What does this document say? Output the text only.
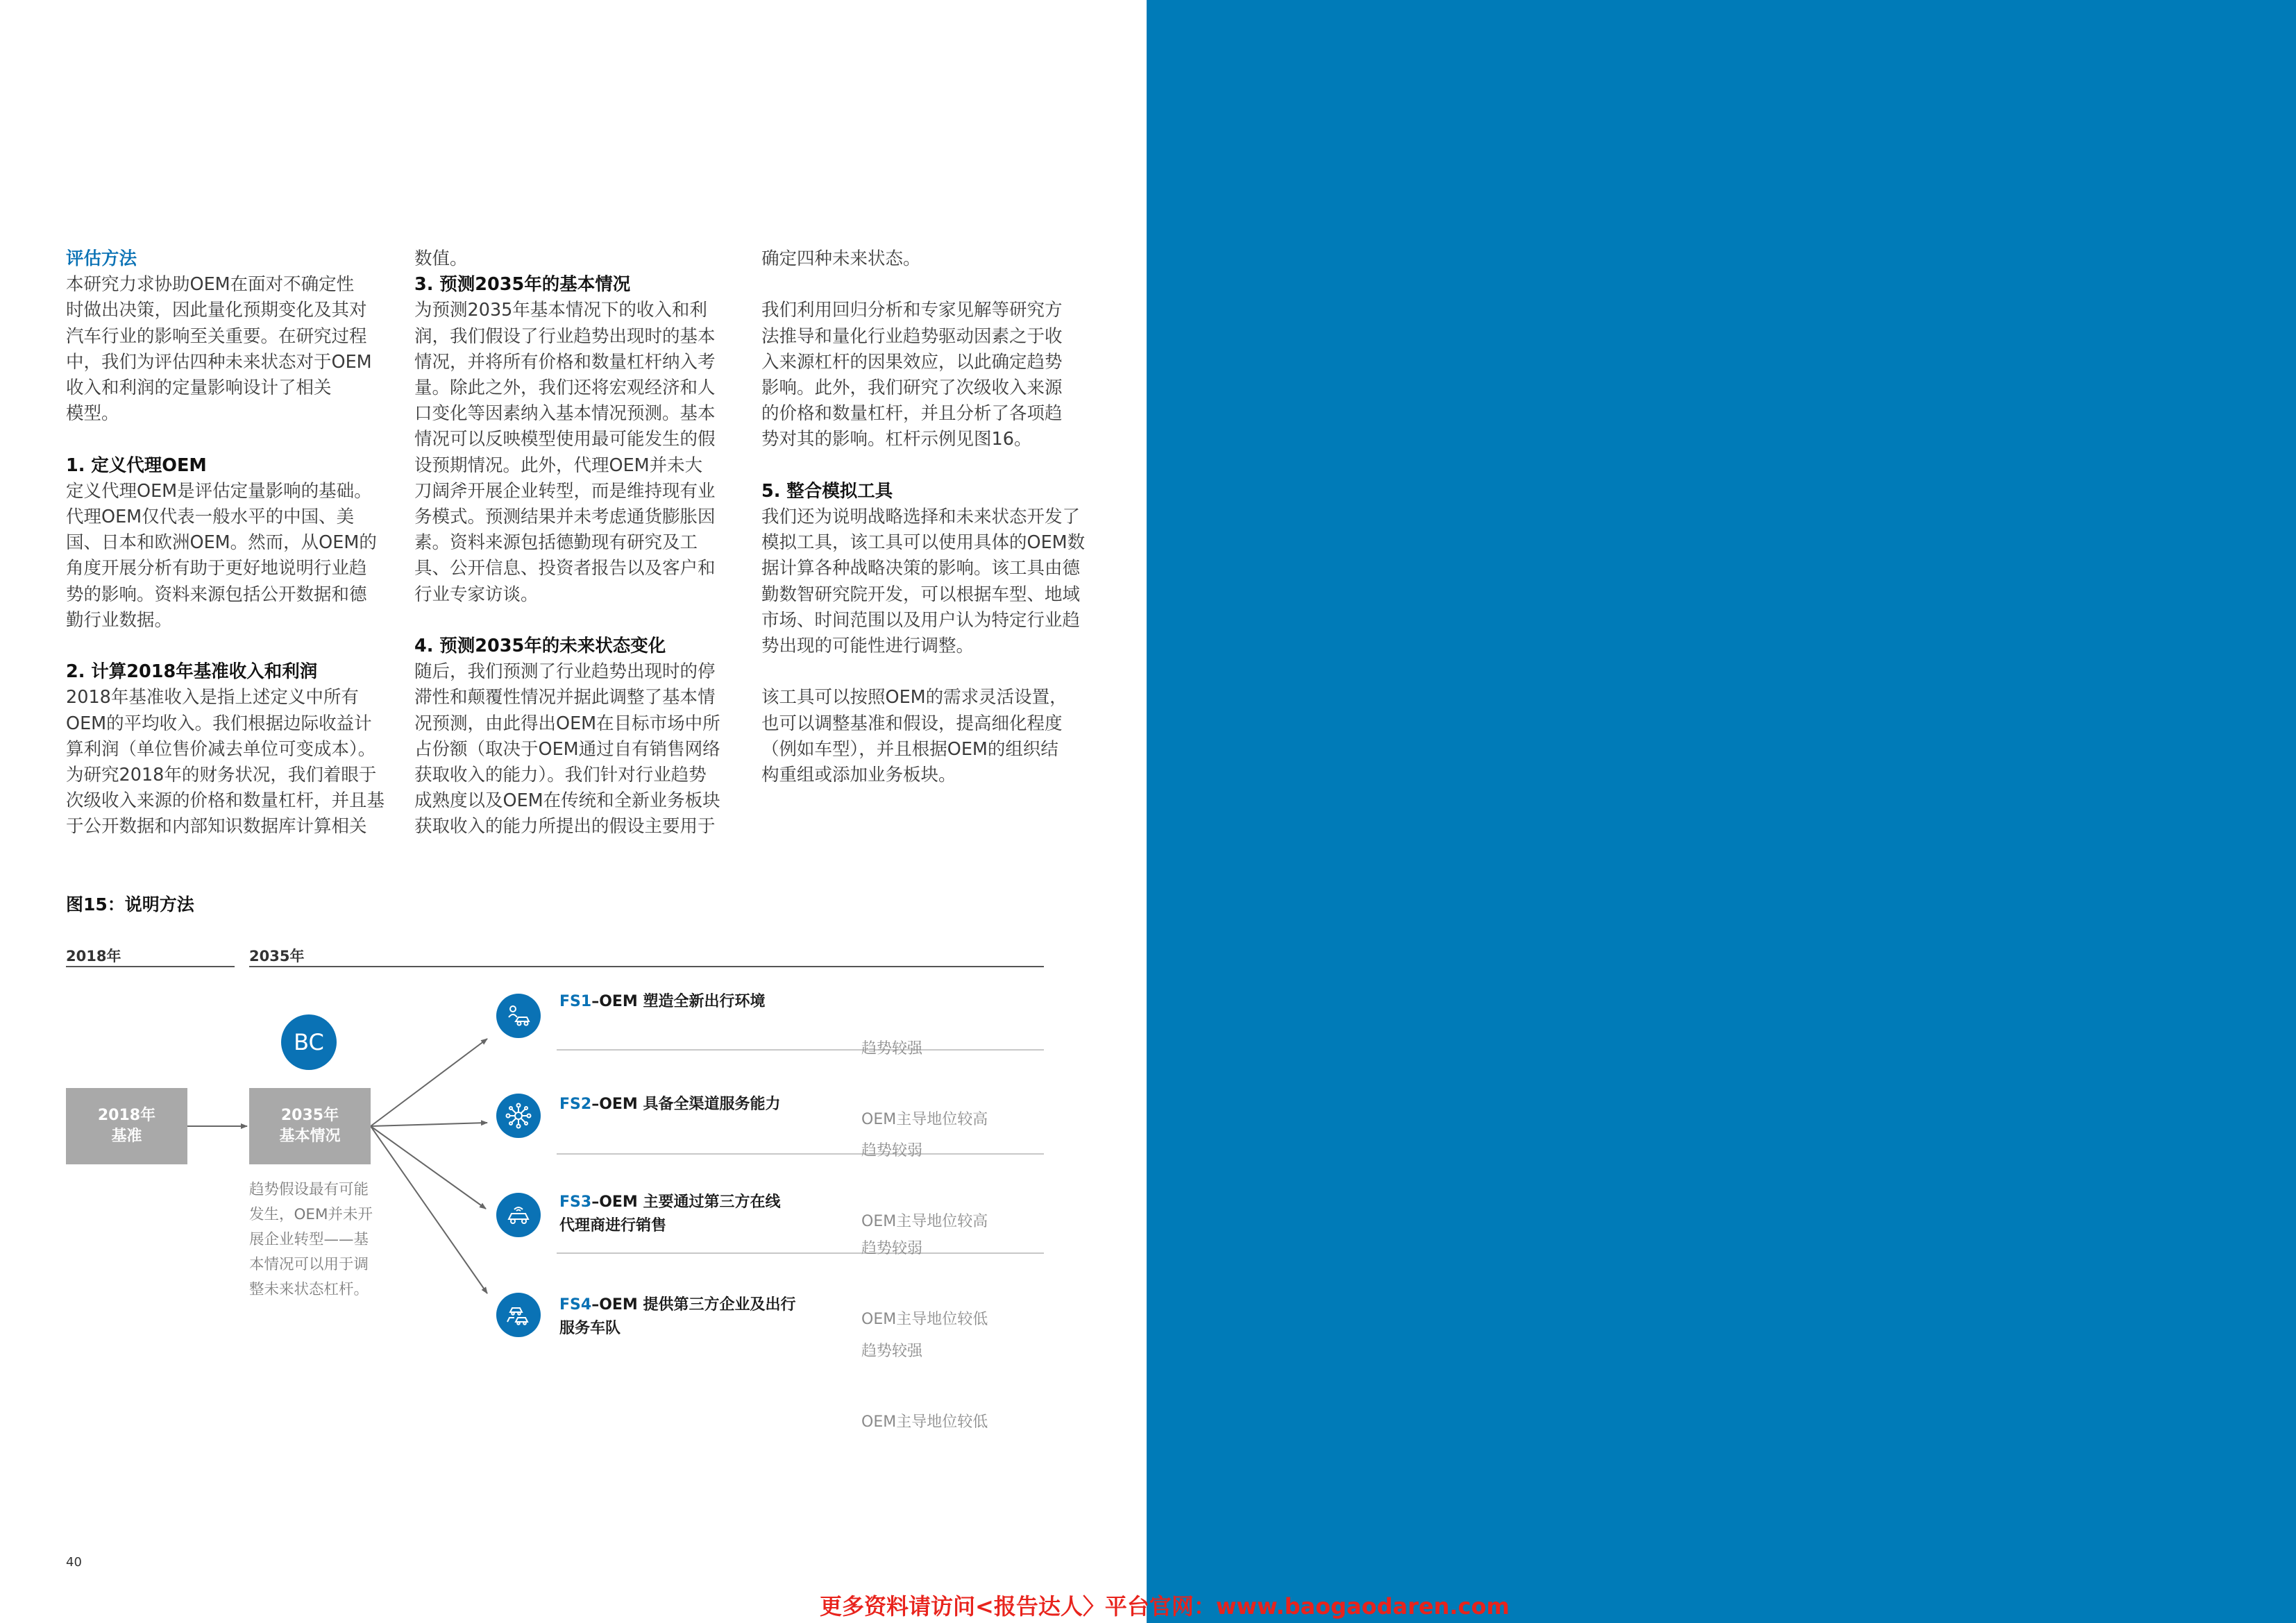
评估方法
本研究力求协助OEM在面对不确定性
时做出决策，因此量化预期变化及其对
汽车行业的影响至关重要。在研究过程
中，我们为评估四种未来状态对于OEM
收入和利润的定量影响设计了相关
模型。
1. 定义代理OEM
定义代理OEM是评估定量影响的基础。
代理OEM仅代表一般水平的中国、美
国、日本和欧洲OEM。然而，从OEM的
角度开展分析有助于更好地说明行业趋
势的影响。资料来源包括公开数据和德
勤行业数据。
2. 计算2018年基准收入和利润
2018年基准收入是指上述定义中所有
OEM的平均收入。我们根据边际收益计
算利润（单位售价减去单位可变成本）。
为研究2018年的财务状况，我们着眼于
次级收入来源的价格和数量杠杆，并且基
于公开数据和内部知识数据库计算相关
数值。
3. 预测2035年的基本情况
为预测2035年基本情况下的收入和利
润，我们假设了行业趋势出现时的基本
情况，并将所有价格和数量杠杆纳入考
量。除此之外，我们还将宏观经济和人
口变化等因素纳入基本情况预测。基本
情况可以反映模型使用最可能发生的假
设预期情况。此外，代理OEM并未大
刀阔斧开展企业转型，而是维持现有业
务模式。预测结果并未考虑通货膨胀因
素。资料来源包括德勤现有研究及工
具、公开信息、投资者报告以及客户和
行业专家访谈。
4. 预测2035年的未来状态变化
随后，我们预测了行业趋势出现时的停
滞性和颠覆性情况并据此调整了基本情
况预测，由此得出OEM在目标市场中所
占份额（取决于OEM通过自有销售网络
获取收入的能力）。我们针对行业趋势
成熟度以及OEM在传统和全新业务板块
获取收入的能力所提出的假设主要用于
确定四种未来状态。
我们利用回归分析和专家见解等研究方
法推导和量化行业趋势驱动因素之于收
入来源杠杆的因果效应，以此确定趋势
影响。此外，我们研究了次级收入来源
的价格和数量杠杆，并且分析了各项趋
势对其的影响。杠杆示例见图16。
5. 整合模拟工具
我们还为说明战略选择和未来状态开发了
模拟工具，该工具可以使用具体的OEM数
据计算各种战略决策的影响。该工具由德
勤数智研究院开发，可以根据车型、地域
市场、时间范围以及用户认为特定行业趋
势出现的可能性进行调整。
该工具可以按照OEM的需求灵活设置，
也可以调整基准和假设，提高细化程度
（例如车型），并且根据OEM的组织结
构重组或添加业务板块。
图15：说明方法
2018年	2035年
BC
2018年
基准
2035年
基本情况
趋势假设最有可能
发生，OEM并未开
展企业转型——基
本情况可以用于调
整未来状态杠杆。
FS1–OEM 塑造全新出行环境
FS2–OEM 具备全渠道服务能力
FS3–OEM 主要通过第三方在线
代理商进行销售
FS4–OEM 提供第三方企业及出行
服务车队

趋势较强

OEM主导地位较高

趋势较弱

OEM主导地位较高

趋势较弱

OEM主导地位较低

趋势较强

OEM主导地位较低

40
更多资料请访问<报告达人〉平台官网：www.baogaodaren.com
